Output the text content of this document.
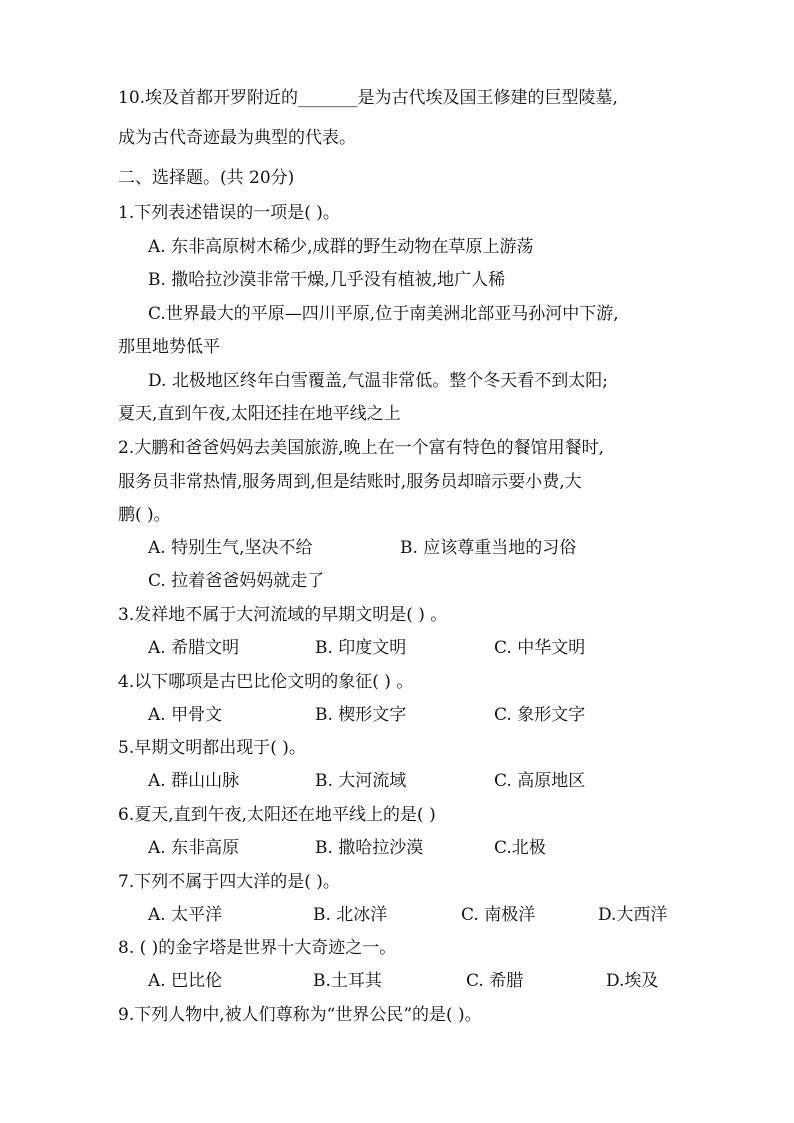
10.埃及首都开罗附近的_______是为古代埃及国王修建的巨型陵墓,
成为古代奇迹最为典型的代表。
二、选择题。(共 20分)
1.下列表述错误的一项是( )。
A. 东非高原树木稀少,成群的野生动物在草原上游荡
B. 撒哈拉沙漠非常干燥,几乎没有植被,地广人稀
C.世界最大的平原—四川平原,位于南美洲北部亚马孙河中下游,
那里地势低平
D. 北极地区终年白雪覆盖,气温非常低。整个冬天看不到太阳;
夏天,直到午夜,太阳还挂在地平线之上
2.大鹏和爸爸妈妈去美国旅游,晚上在一个富有特色的餐馆用餐时,
服务员非常热情,服务周到,但是结账时,服务员却暗示要小费,大
鹏( )。
A. 特别生气,坚决不给	B. 应该尊重当地的习俗
C. 拉着爸爸妈妈就走了
3.发祥地不属于大河流域的早期文明是( ) 。
A. 希腊文明	B. 印度文明	C. 中华文明
4.以下哪项是古巴比伦文明的象征( ) 。
A. 甲骨文	B. 楔形文字	C. 象形文字
5.早期文明都出现于( )。
A. 群山山脉	B. 大河流域	C. 高原地区
6.夏天,直到午夜,太阳还在地平线上的是( )
A. 东非高原	B. 撒哈拉沙漠	C.北极
7.下列不属于四大洋的是( )。
A. 太平洋	B. 北冰洋	C. 南极洋	D.大西洋
8. ( )的金字塔是世界十大奇迹之一。
A. 巴比伦	B.土耳其	C. 希腊	D.埃及
9.下列人物中,被人们尊称为“世界公民”的是( )。
